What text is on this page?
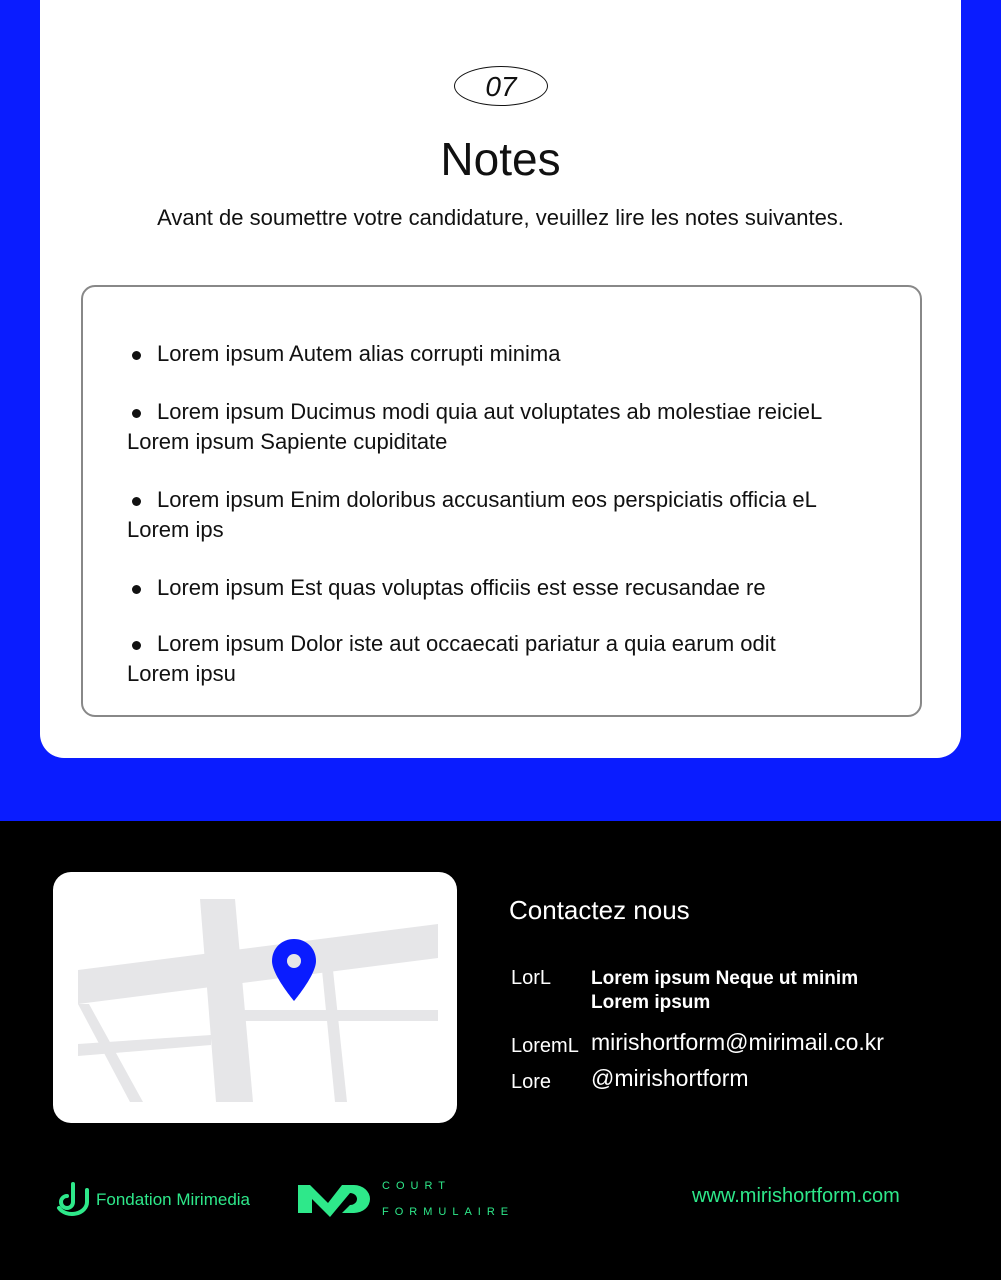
07
Notes
Avant de soumettre votre candidature, veuillez lire les notes suivantes.
Lorem ipsum Autem alias corrupti minima
Lorem ipsum Ducimus modi quia aut voluptates ab molestiae reicieL
Lorem ipsum Sapiente cupiditate
Lorem ipsum Enim doloribus accusantium eos perspiciatis officia eL
Lorem ips
Lorem ipsum Est quas voluptas officiis est esse recusandae re
Lorem ipsum Dolor iste aut occaecati pariatur a quia earum odit
Lorem ipsu
Contactez nous
LorL Lorem ipsum Neque ut minim
Lorem ipsum
LoremL mirishortform@mirimail.co.kr
Lore @mirishortform
Fondation Mirimedia
COURT
FORMULAIRE
www.mirishortform.com
